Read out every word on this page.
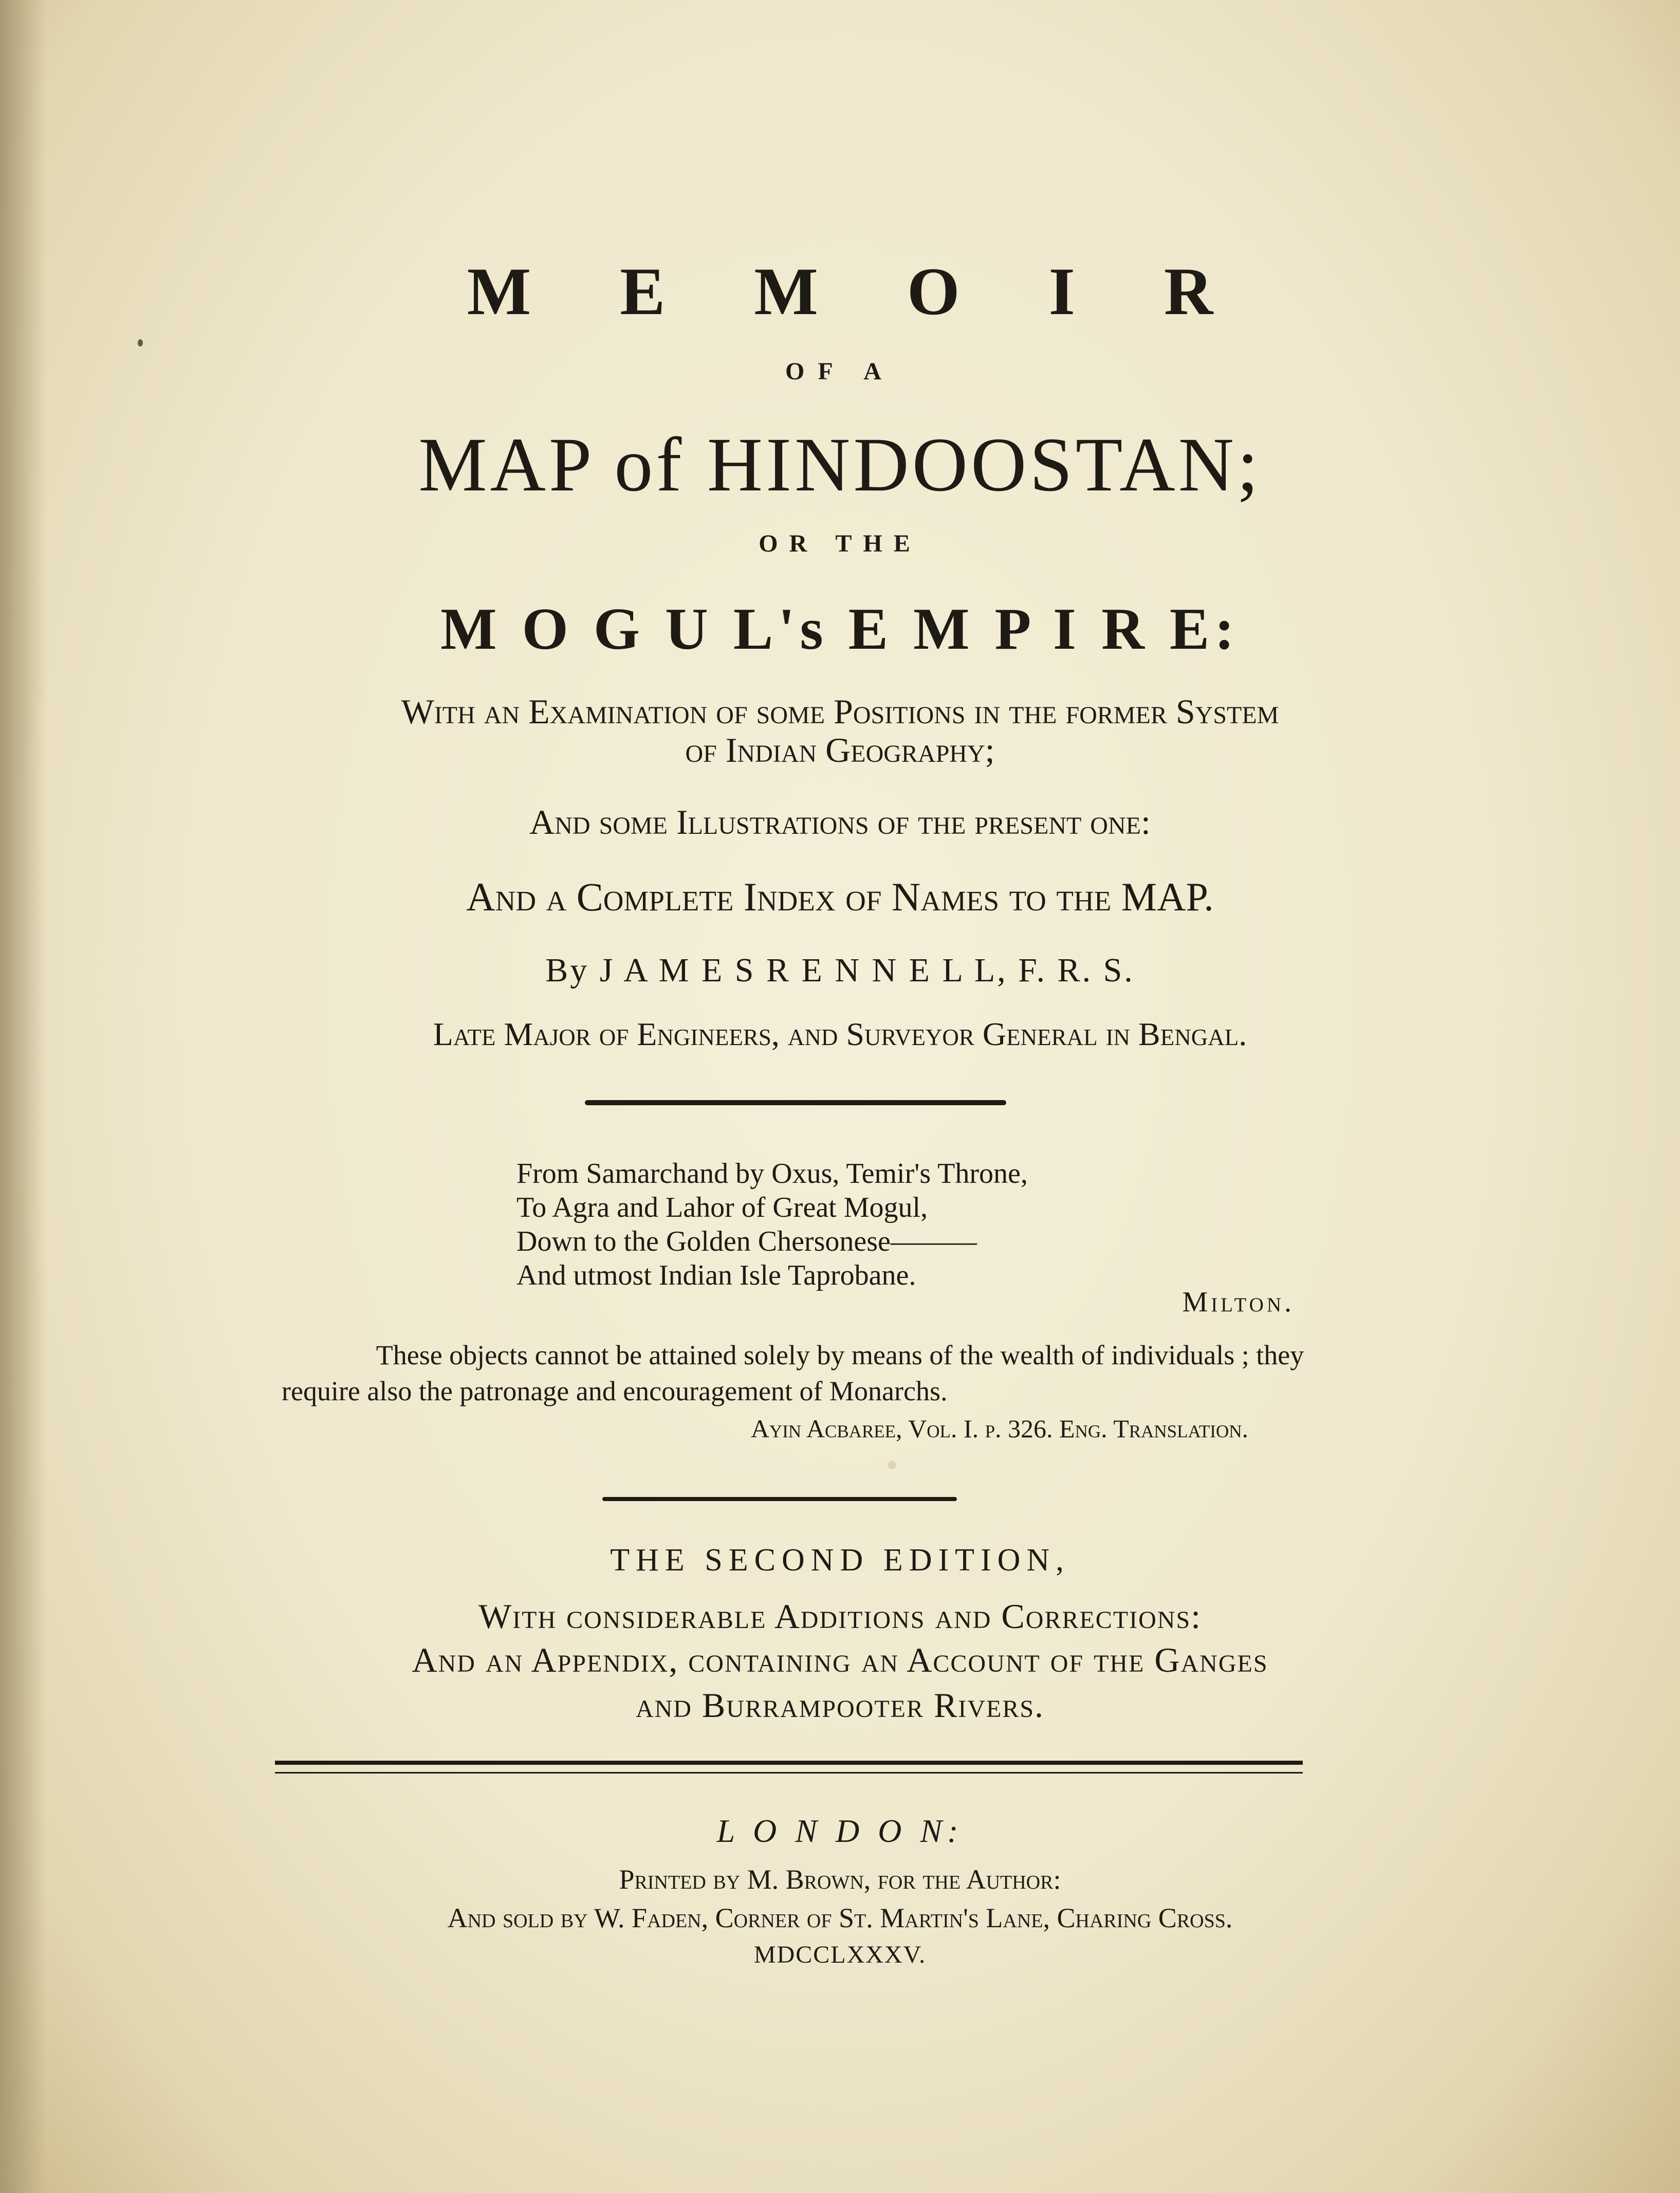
M E M O I R
OF A
MAP of HINDOOSTAN;
OR THE
M O G U L's E M P I R E:
With an Examination of some Positions in the former System
of Indian Geography;
And some Illustrations of the present one:
And a Complete Index of Names to the MAP.
By J A M E S R E N N E L L, F. R. S.
Late Major of Engineers, and Surveyor General in Bengal.
From Samarchand by Oxus, Temir's Throne,
To Agra and Lahor of Great Mogul,
Down to the Golden Chersonese———
And utmost Indian Isle Taprobane.
Milton.
These objects cannot be attained solely by means of the wealth of individuals ; they
require also the patronage and encouragement of Monarchs.
Ayin Acbaree, Vol. I. p. 326. Eng. Translation.
THE SECOND EDITION,
With considerable Additions and Corrections:
And an Appendix, containing an Account of the Ganges
and Burrampooter Rivers.
L O N D O N:
Printed by M. Brown, for the Author:
And sold by W. Faden, Corner of St. Martin's Lane, Charing Cross.
MDCCLXXXV.
